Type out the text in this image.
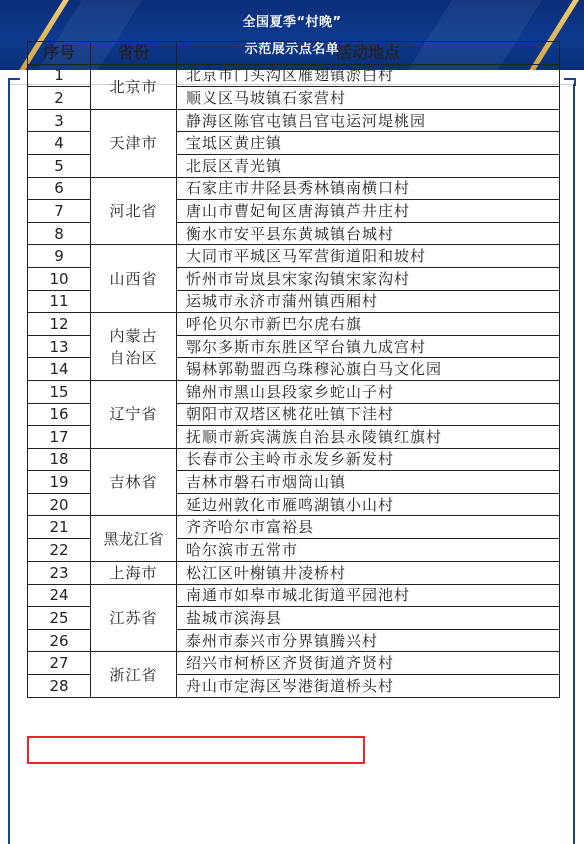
全国夏季“村晚”
示范展示点名单
序号	省份	活动地点
1	北京市	北京市门头沟区雁翅镇淤白村
2		顺义区马坡镇石家营村
3	天津市	静海区陈官屯镇吕官屯运河堤桃园
4		宝坻区黄庄镇
5		北辰区青光镇
6	河北省	石家庄市井陉县秀林镇南横口村
7		唐山市曹妃甸区唐海镇芦井庄村
8		衡水市安平县东黄城镇台城村
9	山西省	大同市平城区马军营街道阳和坡村
10		忻州市岢岚县宋家沟镇宋家沟村
11		运城市永济市蒲州镇西厢村
12	内蒙古自治区	呼伦贝尔市新巴尔虎右旗
13		鄂尔多斯市东胜区罕台镇九成宫村
14		锡林郭勒盟西乌珠穆沁旗白马文化园
15	辽宁省	锦州市黑山县段家乡蛇山子村
16		朝阳市双塔区桃花吐镇下洼村
17		抚顺市新宾满族自治县永陵镇红旗村
18	吉林省	长春市公主岭市永发乡新发村
19		吉林市磐石市烟筒山镇
20		延边州敦化市雁鸣湖镇小山村
21	黑龙江省	齐齐哈尔市富裕县
22		哈尔滨市五常市
23	上海市	松江区叶榭镇井凌桥村
24	江苏省	南通市如皋市城北街道平园池村
25		盐城市滨海县
26		泰州市泰兴市分界镇腾兴村
27	浙江省	绍兴市柯桥区齐贤街道齐贤村
28		舟山市定海区岑港街道桥头村
